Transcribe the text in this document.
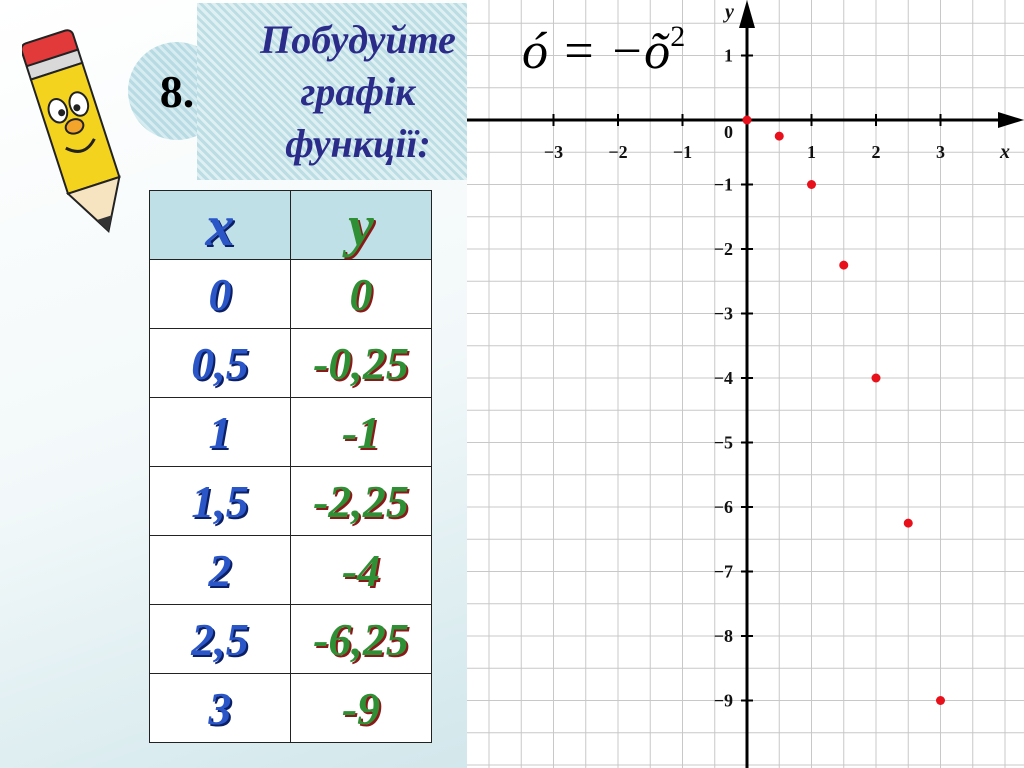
8.
Побудуйте
графік
функції:
x	y
0	0
0,5	-0,25
1	-1
1,5	-2,25
2	-4
2,5	-6,25
3	-9
−3	−2	−1	1	2	3
1
−1
−2
−3
−4
−5
−6
−7
−8
−9
0
x
y
ó = $-õ^2$
